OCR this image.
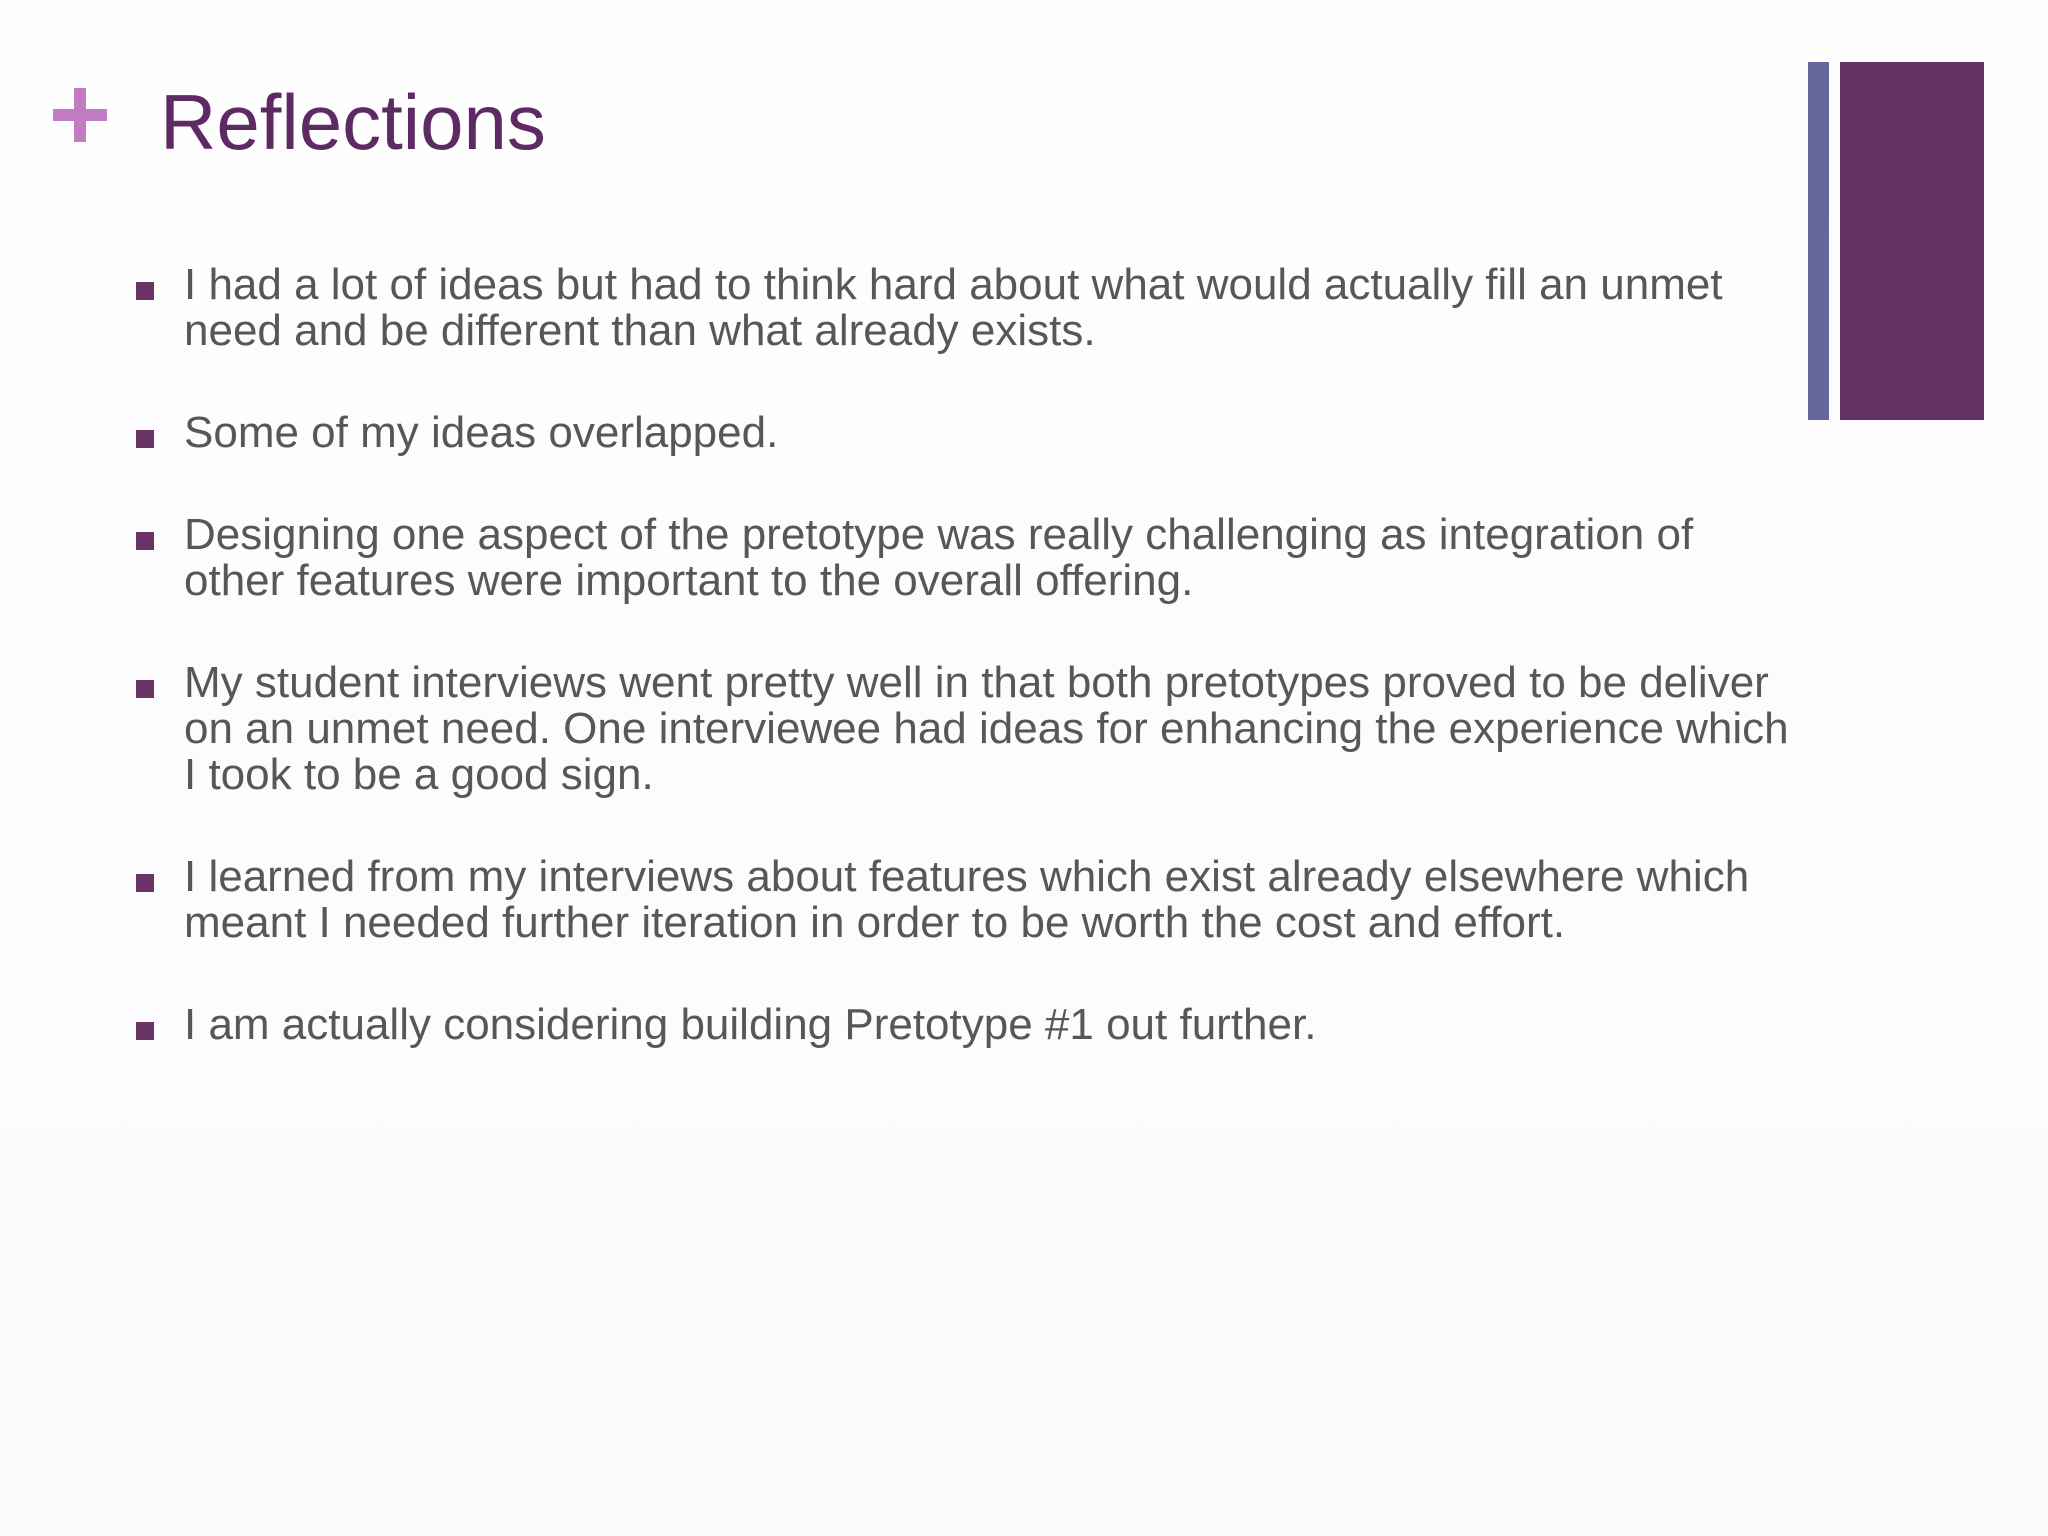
Reflections
I had a lot of ideas but had to think hard about what would actually fill an unmet need and be different than what already exists.
Some of my ideas overlapped.
Designing one aspect of the pretotype was really challenging as integration of other features were important to the overall offering.
My student interviews went pretty well in that both pretotypes proved to be deliver on an unmet need. One interviewee had ideas for enhancing the experience which I took to be a good sign.
I learned from my interviews about features which exist already elsewhere which meant I needed further iteration in order to be worth the cost and effort.
I am actually considering building Pretotype #1 out further.
